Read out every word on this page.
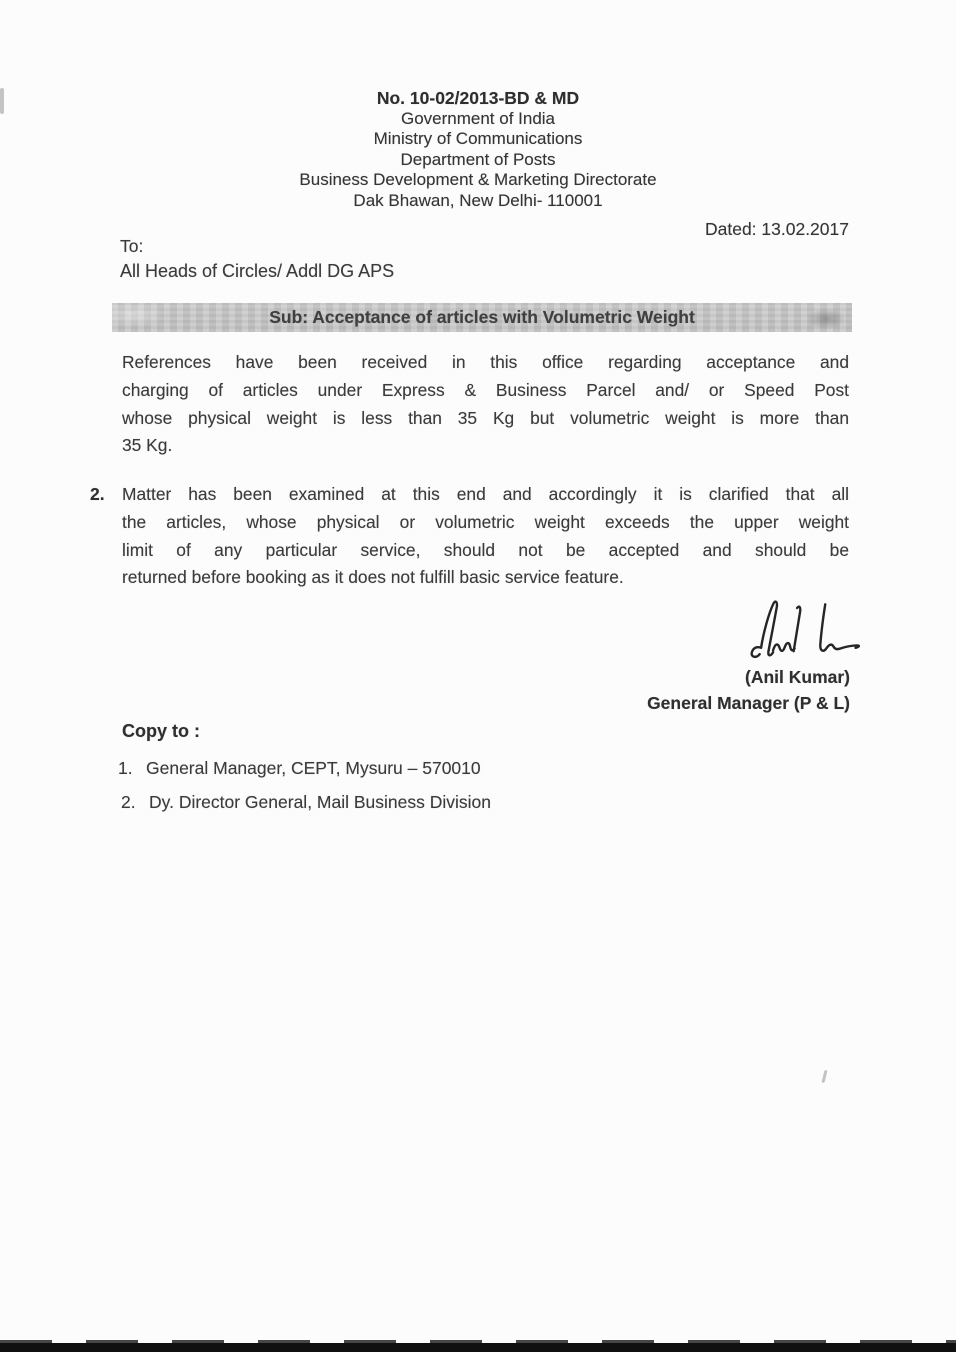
No. 10-02/2013-BD & MD
Government of India
Ministry of Communications
Department of Posts
Business Development & Marketing Directorate
Dak Bhawan, New Delhi- 110001
Dated: 13.02.2017
To:
All Heads of Circles/ Addl DG APS
Sub: Acceptance of articles with Volumetric Weight
References have been received in this office regarding acceptance and
charging of articles under Express & Business Parcel and/ or Speed Post
whose physical weight is less than 35 Kg but volumetric weight is more than
35 Kg.
2. Matter has been examined at this end and accordingly it is clarified that all
the articles, whose physical or volumetric weight exceeds the upper weight
limit of any particular service, should not be accepted and should be
returned before booking as it does not fulfill basic service feature.
(Anil Kumar)
General Manager (P & L)
Copy to :
1. General Manager, CEPT, Mysuru – 570010
2. Dy. Director General, Mail Business Division
